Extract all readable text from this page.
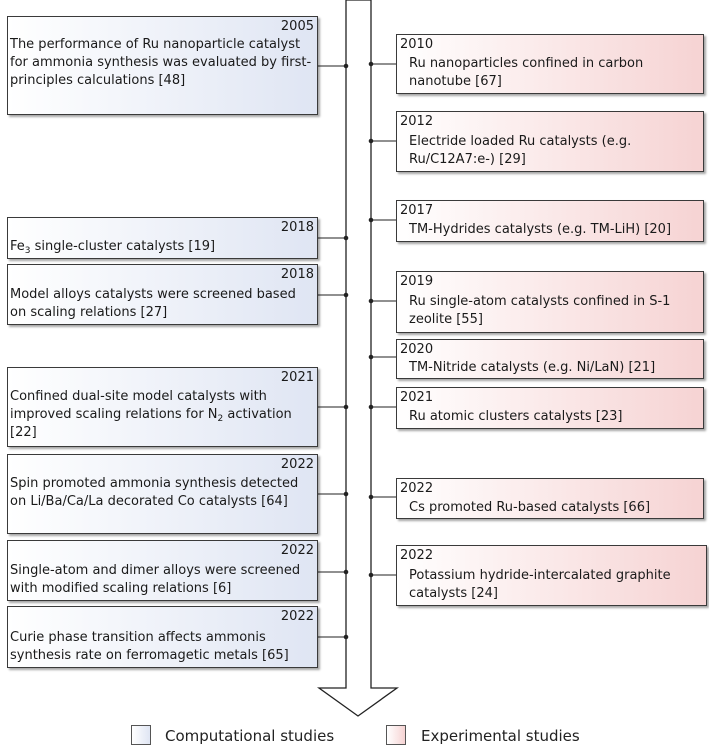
2005
The performance of Ru nanoparticle catalyst for ammonia synthesis was evaluated by first-principles calculations [48]
2018
$Fe_3$ single-cluster catalysts [19]
2018
Model alloys catalysts were screened based on scaling relations [27]
2021
Confined dual-site model catalysts with improved scaling relations for $N_2$ activation [22]
2022
Spin promoted ammonia synthesis detected on Li/Ba/Ca/La decorated Co catalysts [64]
2022
Single-atom and dimer alloys were screened with modified scaling relations [6]
2022
Curie phase transition affects ammonis synthesis rate on ferromagetic metals [65]
2010
Ru nanoparticles confined in carbon nanotube [67]
2012
Electride loaded Ru catalysts (e.g. Ru/C12A7:e-) [29]
2017
TM-Hydrides catalysts (e.g. TM-LiH) [20]
2019
Ru single-atom catalysts confined in S-1 zeolite [55]
2020
TM-Nitride catalysts (e.g. Ni/LaN) [21]
2021
Ru atomic clusters catalysts [23]
2022
Cs promoted Ru-based catalysts [66]
2022
Potassium hydride-intercalated graphite catalysts [24]
Computational studies	Experimental studies
